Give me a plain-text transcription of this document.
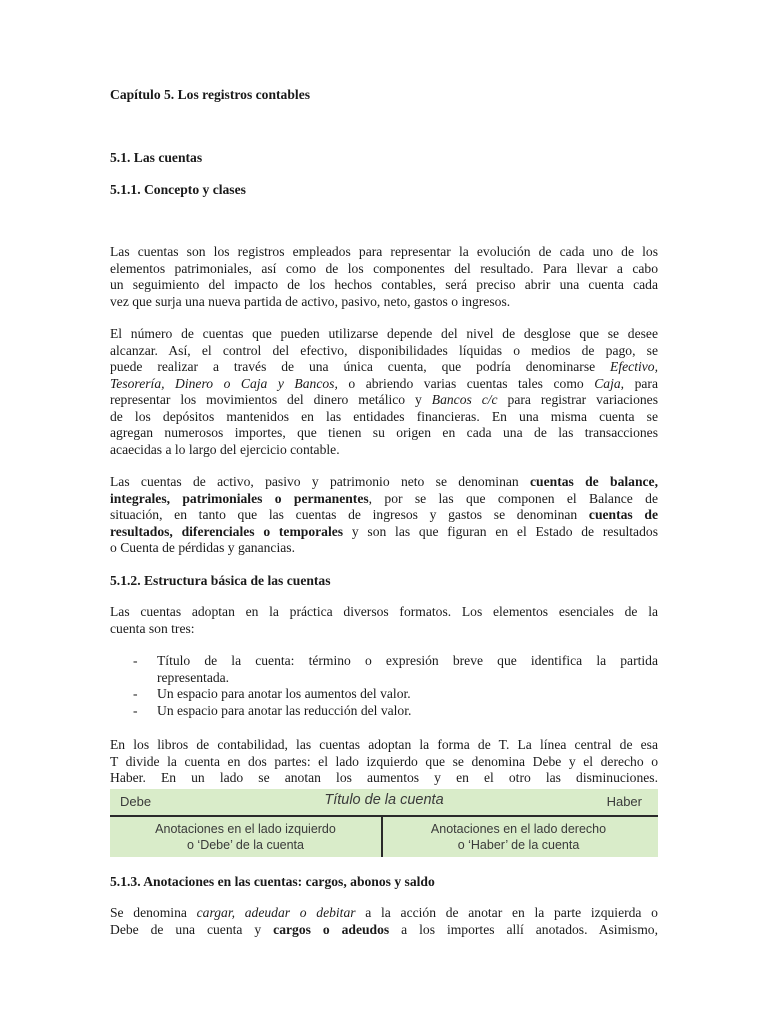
Capítulo 5. Los registros contables

5.1. Las cuentas

5.1.1. Concepto y clases

Las cuentas son los registros empleados para representar la evolución de cada uno de los
elementos patrimoniales, así como de los componentes del resultado. Para llevar a cabo
un seguimiento del impacto de los hechos contables, será preciso abrir una cuenta cada
vez que surja una nueva partida de activo, pasivo, neto, gastos o ingresos.

El número de cuentas que pueden utilizarse depende del nivel de desglose que se desee
alcanzar. Así, el control del efectivo, disponibilidades líquidas o medios de pago, se
puede realizar a través de una única cuenta, que podría denominarse Efectivo,
Tesorería, Dinero o Caja y Bancos, o abriendo varias cuentas tales como Caja, para
representar los movimientos del dinero metálico y Bancos c/c para registrar variaciones
de los depósitos mantenidos en las entidades financieras. En una misma cuenta se
agregan numerosos importes, que tienen su origen en cada una de las transacciones
acaecidas a lo largo del ejercicio contable.

Las cuentas de activo, pasivo y patrimonio neto se denominan cuentas de balance,
integrales, patrimoniales o permanentes, por se las que componen el Balance de
situación, en tanto que las cuentas de ingresos y gastos se denominan cuentas de
resultados, diferenciales o temporales y son las que figuran en el Estado de resultados
o Cuenta de pérdidas y ganancias.

5.1.2. Estructura básica de las cuentas

Las cuentas adoptan en la práctica diversos formatos. Los elementos esenciales de la
cuenta son tres:

- Título de la cuenta: término o expresión breve que identifica la partida
representada.
- Un espacio para anotar los aumentos del valor.
- Un espacio para anotar las reducción del valor.

En los libros de contabilidad, las cuentas adoptan la forma de T. La línea central de esa
T divide la cuenta en dos partes: el lado izquierdo que se denomina Debe y el derecho o
Haber. En un lado se anotan los aumentos y en el otro las disminuciones.

Debe	Título de la cuenta	Haber
Anotaciones en el lado izquierdo
o ‘Debe’ de la cuenta
Anotaciones en el lado derecho
o ‘Haber’ de la cuenta

5.1.3. Anotaciones en las cuentas: cargos, abonos y saldo

Se denomina cargar, adeudar o debitar a la acción de anotar en la parte izquierda o
Debe de una cuenta y cargos o adeudos a los importes allí anotados. Asimismo,
